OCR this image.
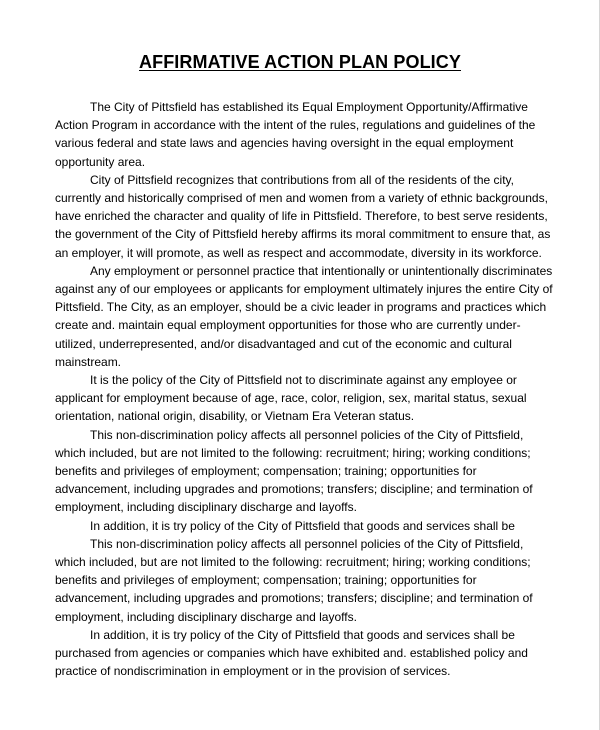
AFFIRMATIVE ACTION PLAN POLICY

The City of Pittsfield has established its Equal Employment Opportunity/Affirmative Action Program in accordance with the intent of the rules, regulations and guidelines of the various federal and state laws and agencies having oversight in the equal employment opportunity area.

City of Pittsfield recognizes that contributions from all of the residents of the city, currently and historically comprised of men and women from a variety of ethnic backgrounds, have enriched the character and quality of life in Pittsfield. Therefore, to best serve residents, the government of the City of Pittsfield hereby affirms its moral commitment to ensure that, as an employer, it will promote, as well as respect and accommodate, diversity in its workforce.

Any employment or personnel practice that intentionally or unintentionally discriminates against any of our employees or applicants for employment ultimately injures the entire City of Pittsfield. The City, as an employer, should be a civic leader in programs and practices which create and. maintain equal employment opportunities for those who are currently under-utilized, underrepresented, and/or disadvantaged and cut of the economic and cultural mainstream.

It is the policy of the City of Pittsfield not to discriminate against any employee or applicant for employment because of age, race, color, religion, sex, marital status, sexual orientation, national origin, disability, or Vietnam Era Veteran status.

This non-discrimination policy affects all personnel policies of the City of Pittsfield, which included, but are not limited to the following: recruitment; hiring; working conditions; benefits and privileges of employment; compensation; training; opportunities for advancement, including upgrades and promotions; transfers; discipline; and termination of employment, including disciplinary discharge and layoffs.

In addition, it is try policy of the City of Pittsfield that goods and services shall be

This non-discrimination policy affects all personnel policies of the City of Pittsfield, which included, but are not limited to the following: recruitment; hiring; working conditions; benefits and privileges of employment; compensation; training; opportunities for advancement, including upgrades and promotions; transfers; discipline; and termination of employment, including disciplinary discharge and layoffs.

In addition, it is try policy of the City of Pittsfield that goods and services shall be purchased from agencies or companies which have exhibited and. established policy and practice of nondiscrimination in employment or in the provision of services.
